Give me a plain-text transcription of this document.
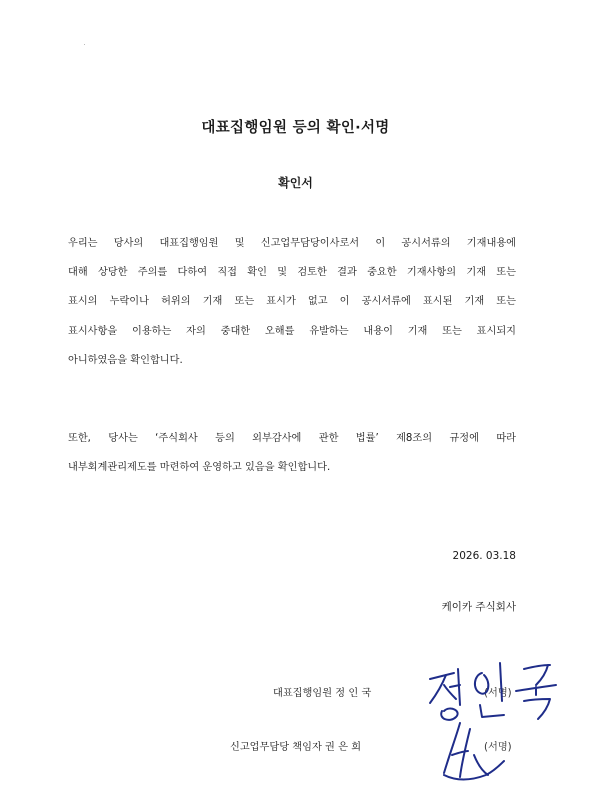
대표집행임원 등의 확인·서명
확인서
우리는 당사의 대표집행임원 및 신고업무담당이사로서 이 공시서류의 기재내용에
대해 상당한 주의를 다하여 직접 확인 및 검토한 결과 중요한 기재사항의 기재 또는
표시의 누락이나 허위의 기재 또는 표시가 없고 이 공시서류에 표시된 기재 또는
표시사항을 이용하는 자의 중대한 오해를 유발하는 내용이 기재 또는 표시되지
아니하였음을 확인합니다.
또한, 당사는 ‘주식회사 등의 외부감사에 관한 법률’ 제8조의 규정에 따라
내부회계관리제도를 마련하여 운영하고 있음을 확인합니다.
2026. 03.18
케이카 주식회사
대표집행임원 정 인 국	(서명)
신고업무담당 책임자 권 은 희	(서명)
